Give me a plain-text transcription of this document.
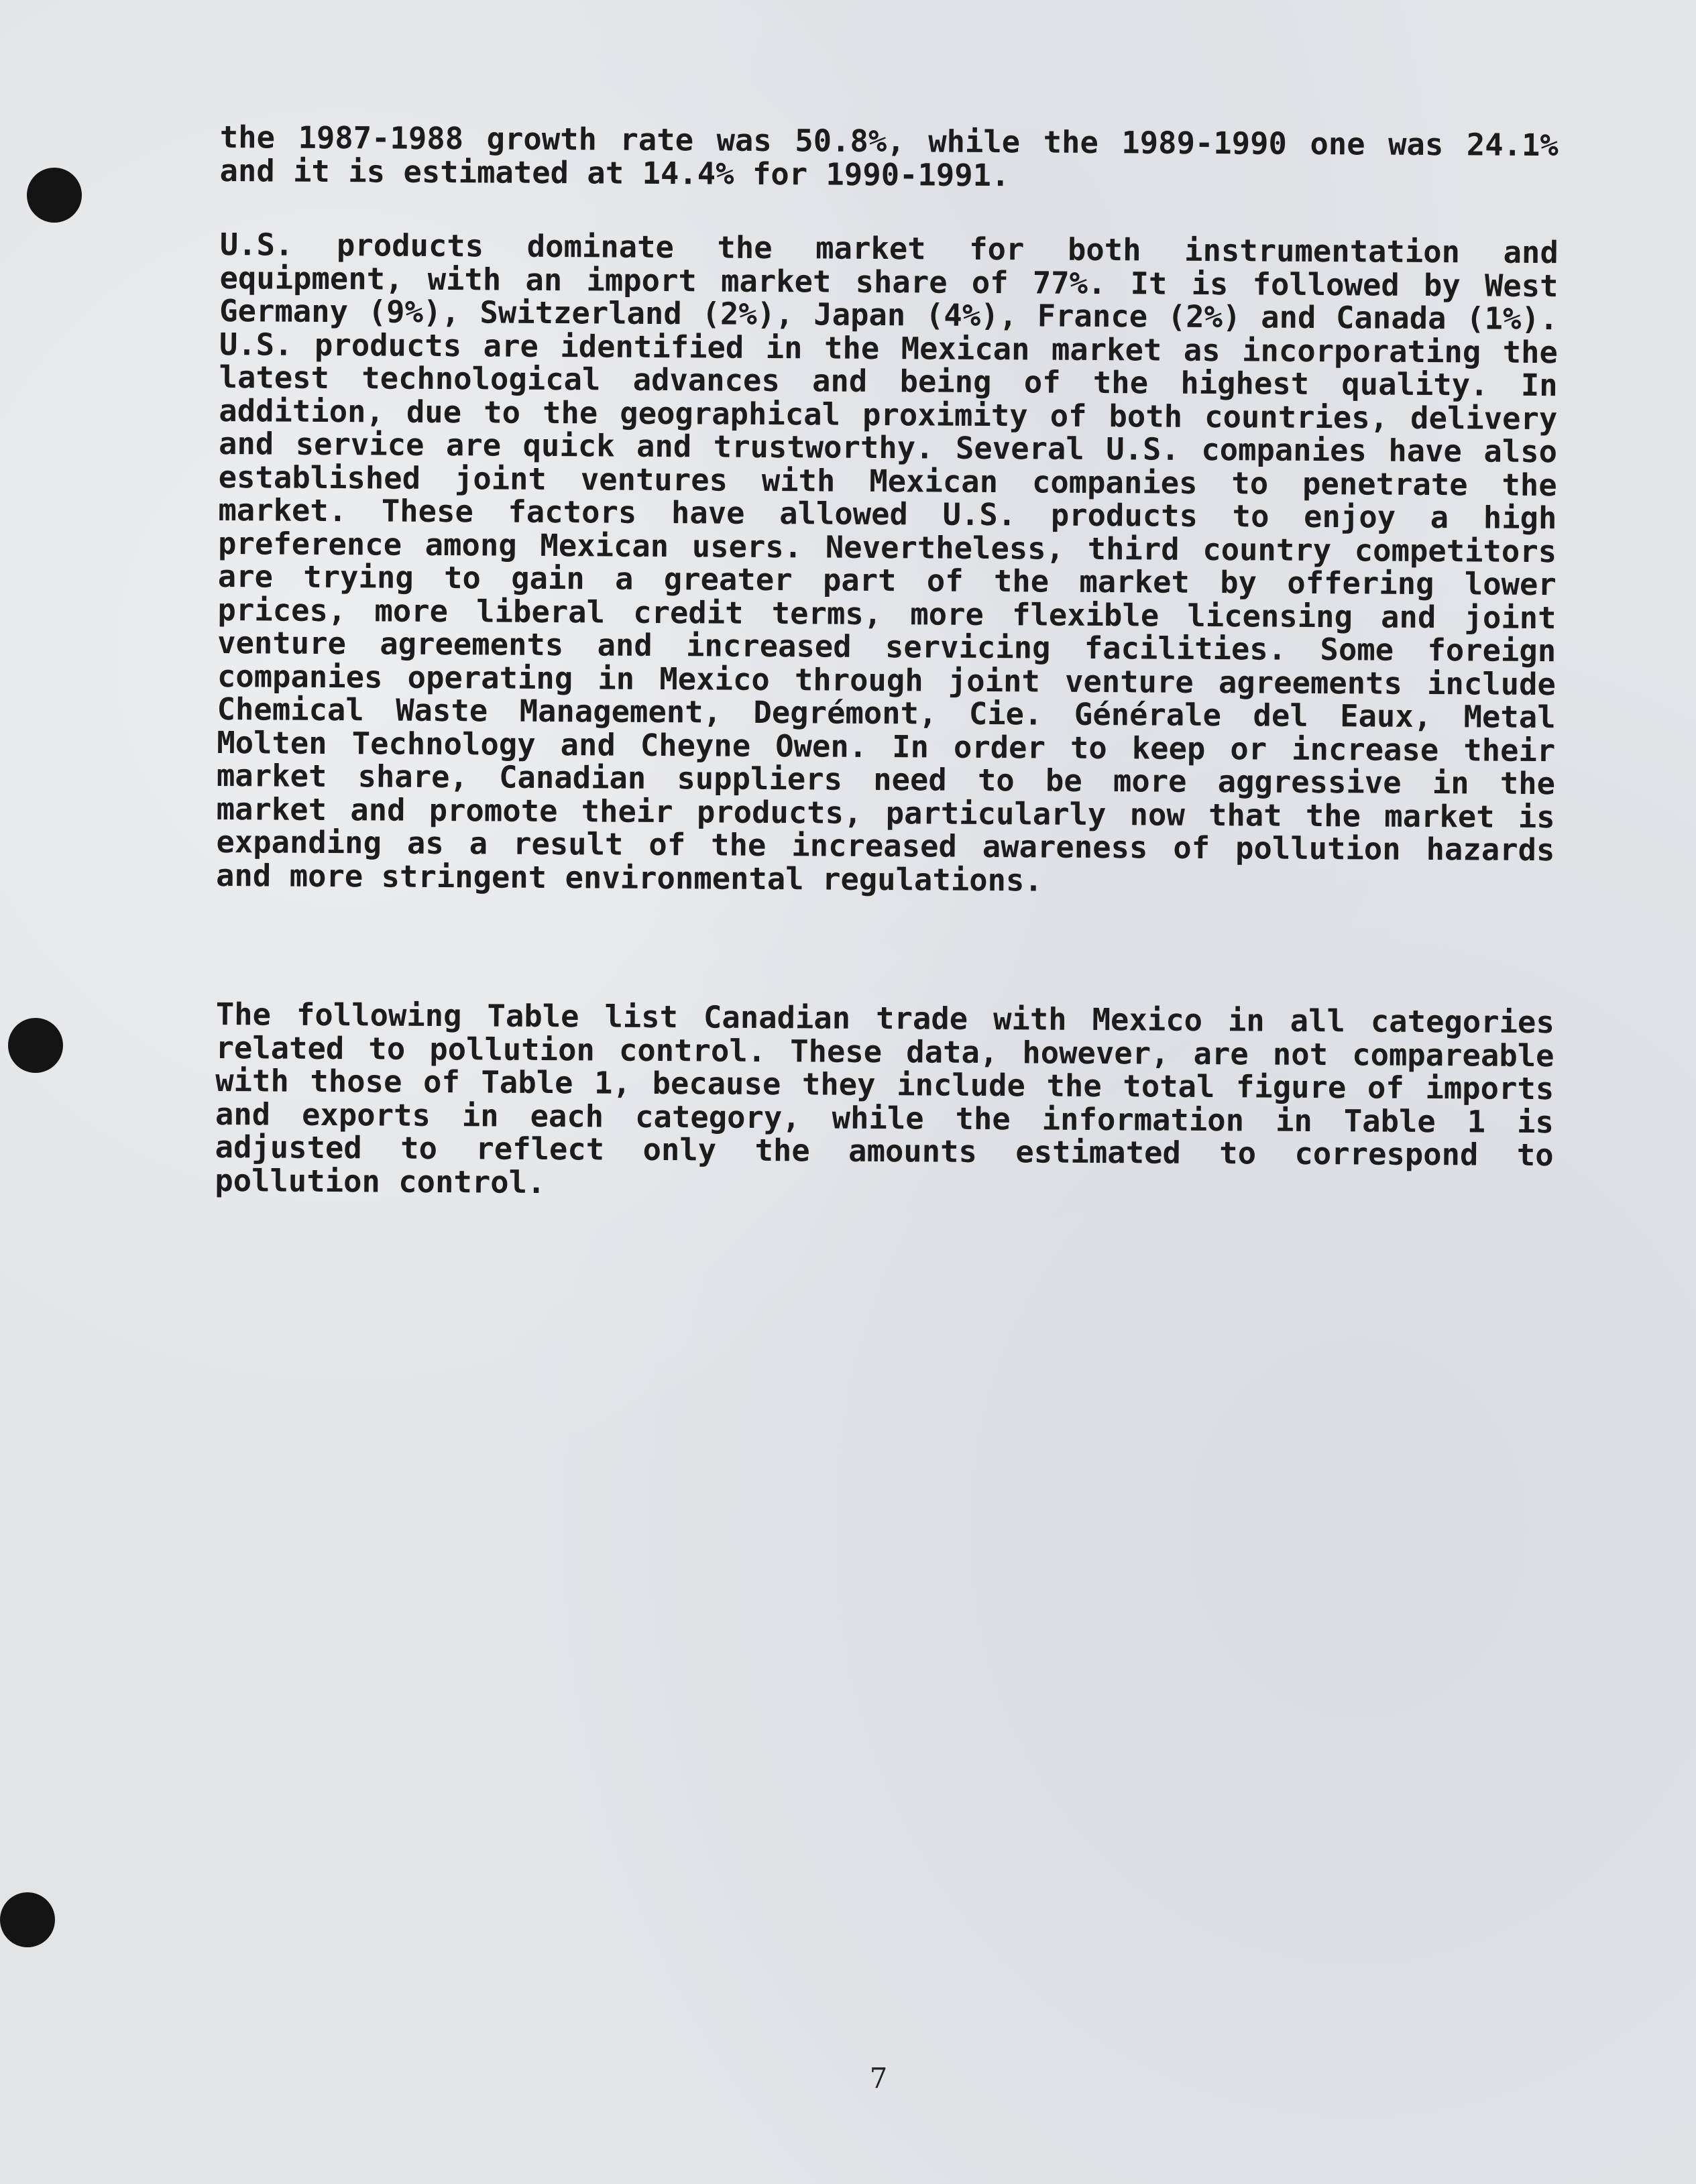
the 1987-1988 growth rate was 50.8%, while the 1989-1990 one was 24.1% and it is estimated at 14.4% for 1990-1991.

U.S. products dominate the market for both instrumentation and equipment, with an import market share of 77%. It is followed by West Germany (9%), Switzerland (2%), Japan (4%), France (2%) and Canada (1%). U.S. products are identified in the Mexican market as incorporating the latest technological advances and being of the highest quality. In addition, due to the geographical proximity of both countries, delivery and service are quick and trustworthy. Several U.S. companies have also established joint ventures with Mexican companies to penetrate the market. These factors have allowed U.S. products to enjoy a high preference among Mexican users. Nevertheless, third country competitors are trying to gain a greater part of the market by offering lower prices, more liberal credit terms, more flexible licensing and joint venture agreements and increased servicing facilities. Some foreign companies operating in Mexico through joint venture agreements include Chemical Waste Management, Degrémont, Cie. Générale del Eaux, Metal Molten Technology and Cheyne Owen. In order to keep or increase their market share, Canadian suppliers need to be more aggressive in the market and promote their products, particularly now that the market is expanding as a result of the increased awareness of pollution hazards and more stringent environmental regulations.

The following Table list Canadian trade with Mexico in all categories related to pollution control. These data, however, are not compareable with those of Table 1, because they include the total figure of imports and exports in each category, while the information in Table 1 is adjusted to reflect only the amounts estimated to correspond to pollution control.

7
